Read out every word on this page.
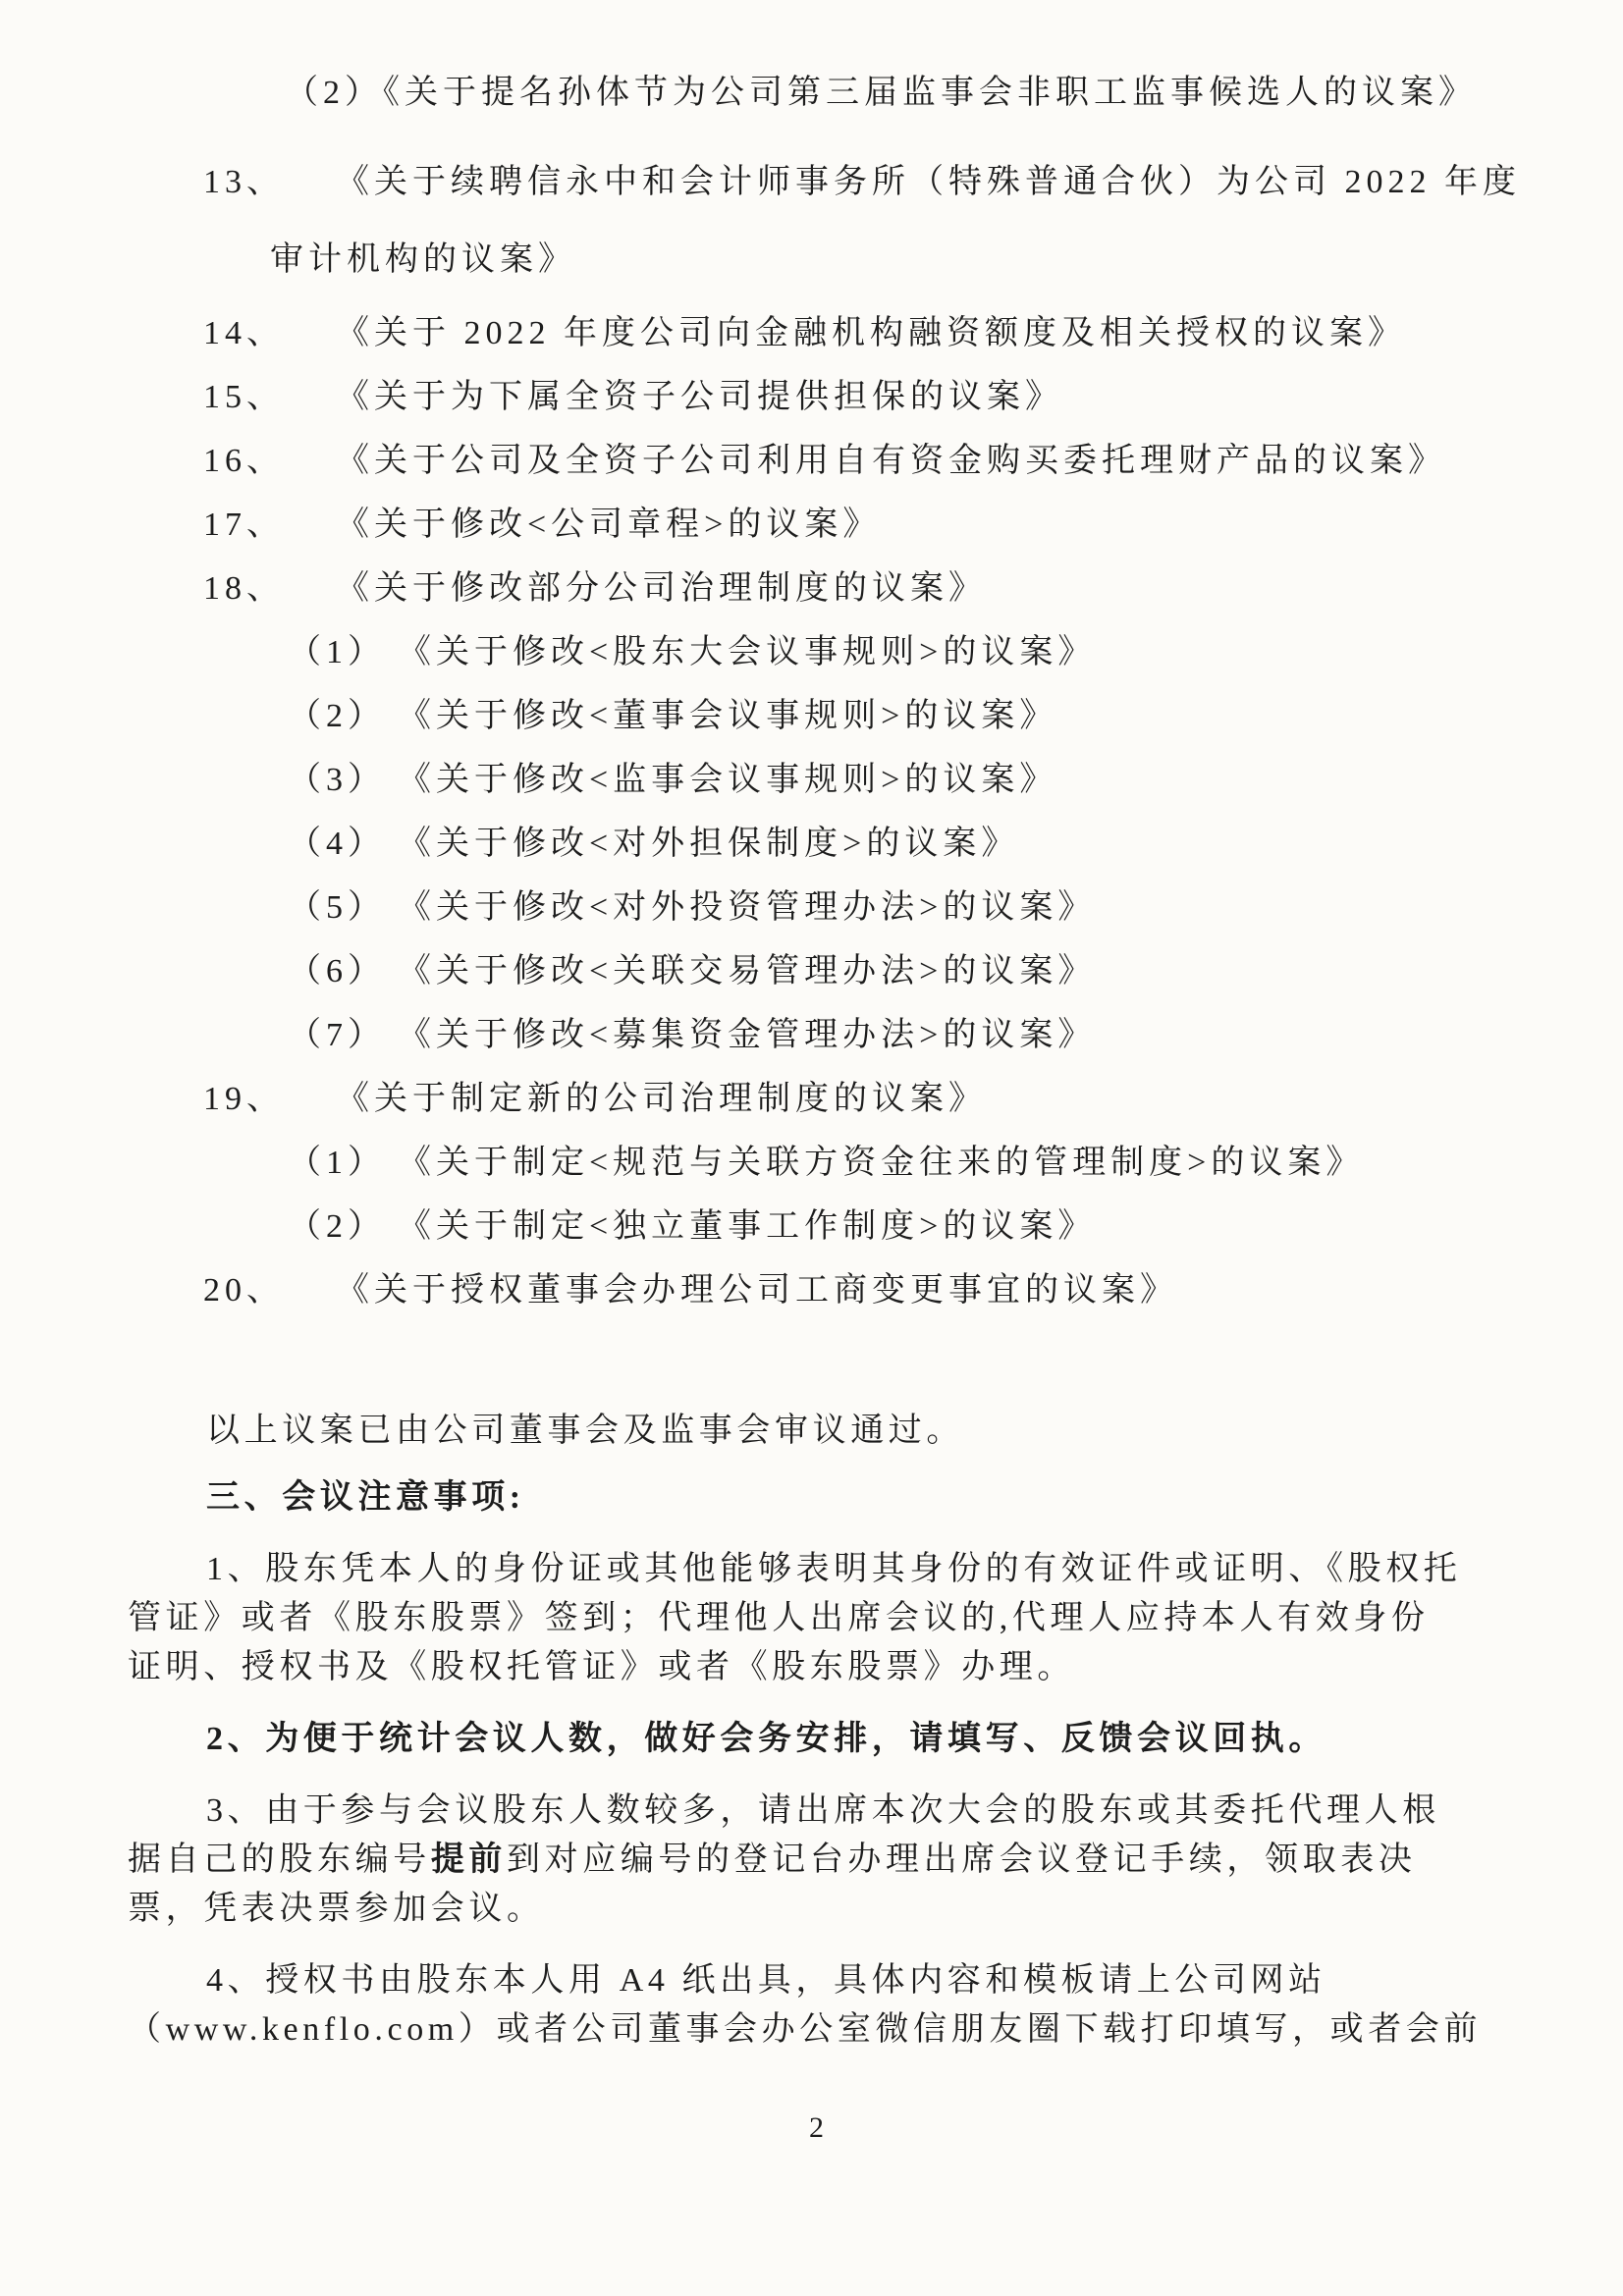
（2）《关于提名孙体节为公司第三届监事会非职工监事候选人的议案》
13、 《关于续聘信永中和会计师事务所（特殊普通合伙）为公司 2022 年度
审计机构的议案》
14、 《关于 2022 年度公司向金融机构融资额度及相关授权的议案》
15、 《关于为下属全资子公司提供担保的议案》
16、 《关于公司及全资子公司利用自有资金购买委托理财产品的议案》
17、 《关于修改<公司章程>的议案》
18、 《关于修改部分公司治理制度的议案》
（1） 《关于修改<股东大会议事规则>的议案》
（2） 《关于修改<董事会议事规则>的议案》
（3） 《关于修改<监事会议事规则>的议案》
（4） 《关于修改<对外担保制度>的议案》
（5） 《关于修改<对外投资管理办法>的议案》
（6） 《关于修改<关联交易管理办法>的议案》
（7） 《关于修改<募集资金管理办法>的议案》
19、 《关于制定新的公司治理制度的议案》
（1） 《关于制定<规范与关联方资金往来的管理制度>的议案》
（2） 《关于制定<独立董事工作制度>的议案》
20、 《关于授权董事会办理公司工商变更事宜的议案》
以上议案已由公司董事会及监事会审议通过。
三、会议注意事项:
1、股东凭本人的身份证或其他能够表明其身份的有效证件或证明、《股权托
管证》或者《股东股票》签到；代理他人出席会议的,代理人应持本人有效身份
证明、授权书及《股权托管证》或者《股东股票》办理。
2、为便于统计会议人数，做好会务安排，请填写、反馈会议回执。
3、由于参与会议股东人数较多，请出席本次大会的股东或其委托代理人根
据自己的股东编号提前到对应编号的登记台办理出席会议登记手续，领取表决
票，凭表决票参加会议。
4、授权书由股东本人用 A4 纸出具，具体内容和模板请上公司网站
（www.kenflo.com）或者公司董事会办公室微信朋友圈下载打印填写，或者会前
2
